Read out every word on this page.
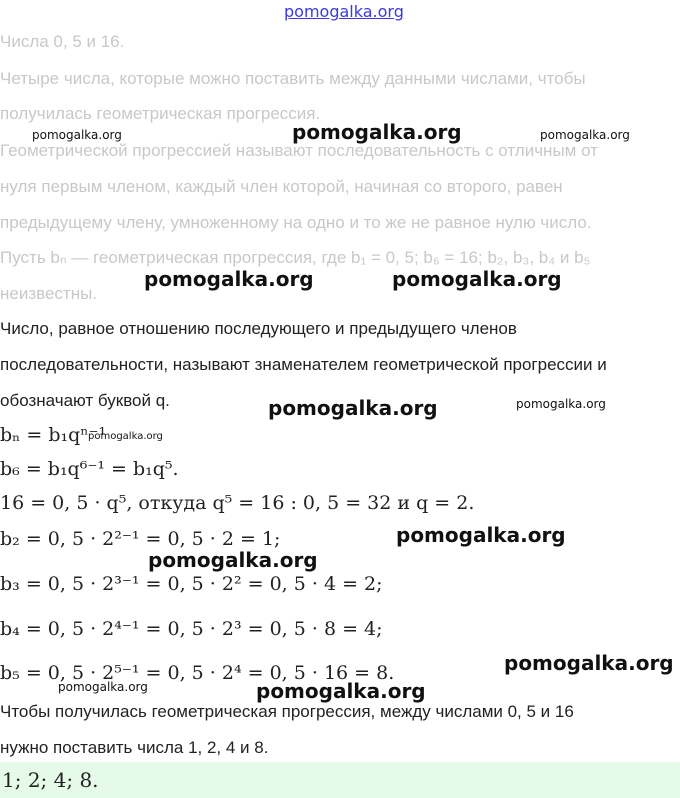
pomogalka.org
Числа 0, 5 и 16.
Четыре числа, которые можно поставить между данными числами, чтобы
получилась геометрическая прогрессия.
Геометрической прогрессией называют последовательность с отличным от
нуля первым членом, каждый член которой, начиная со второго, равен
предыдущему члену, умноженному на одно и то же не равное нулю число.
Пусть bₙ — геометрическая прогрессия, где b₁ = 0, 5; b₆ = 16; b₂, b₃, b₄ и b₅
неизвестны.
Число, равное отношению последующего и предыдущего членов
последовательности, называют знаменателем геометрической прогрессии и
обозначают буквой q.
bₙ = b₁qⁿ⁻¹
b₆ = b₁q⁶⁻¹ = b₁q⁵.
16 = 0, 5 · q⁵, откуда q⁵ = 16 : 0, 5 = 32 и q = 2.
b₂ = 0, 5 · 2²⁻¹ = 0, 5 · 2 = 1;
b₃ = 0, 5 · 2³⁻¹ = 0, 5 · 2² = 0, 5 · 4 = 2;
b₄ = 0, 5 · 2⁴⁻¹ = 0, 5 · 2³ = 0, 5 · 8 = 4;
b₅ = 0, 5 · 2⁵⁻¹ = 0, 5 · 2⁴ = 0, 5 · 16 = 8.
Чтобы получилась геометрическая прогрессия, между числами 0, 5 и 16
нужно поставить числа 1, 2, 4 и 8.
1; 2; 4; 8.
pomogalka.org	pomogalka.org	pomogalka.org
pomogalka.org	pomogalka.org
pomogalka.org	pomogalka.org
pomogalka.org
pomogalka.org
pomogalka.org
pomogalka.org
pomogalka.org	pomogalka.org
